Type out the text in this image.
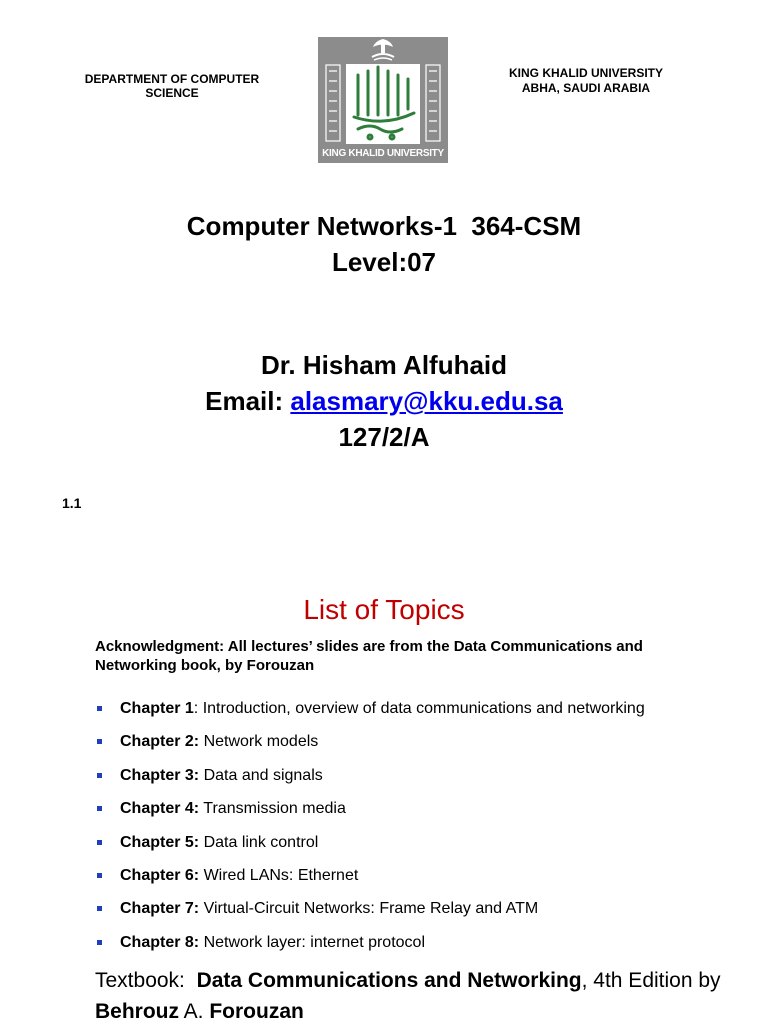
DEPARTMENT OF COMPUTER
SCIENCE
KING KHALID UNIVERSITY
KING KHALID UNIVERSITY
ABHA, SAUDI ARABIA
Computer Networks-1  364-CSM
Level:07
Dr. Hisham Alfuhaid
Email: alasmary@kku.edu.sa
127/2/A
1.1
List of Topics
Acknowledgment: All lectures’ slides are from the Data Communications and Networking book, by Forouzan
Chapter 1: Introduction, overview of data communications and networking
Chapter 2: Network models
Chapter 3: Data and signals
Chapter 4: Transmission media
Chapter 5: Data link control
Chapter 6: Wired LANs: Ethernet
Chapter 7: Virtual-Circuit Networks: Frame Relay and ATM
Chapter 8: Network layer: internet protocol
Textbook:  Data Communications and Networking, 4th Edition by Behrouz A. Forouzan
